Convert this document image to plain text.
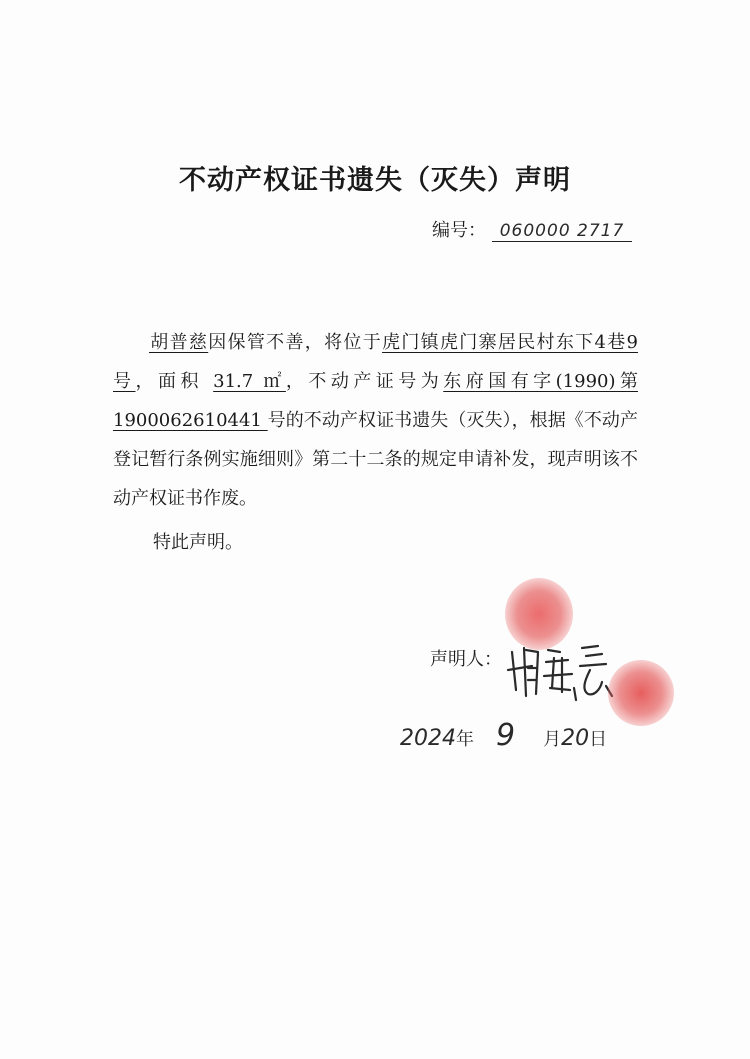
不动产权证书遗失（灭失）声明
编号： 060000 2717
胡普慈因保管不善，将位于虎门镇虎门寨居民村东下4巷9号，面积 31.7 ㎡，不动产证号为东府国有字(1990)第 1900062610441 号的不动产权证书遗失（灭失），根据《不动产登记暂行条例实施细则》第二十二条的规定申请补发，现声明该不动产权证书作废。
特此声明。
声明人：
2024年 9 月20日
